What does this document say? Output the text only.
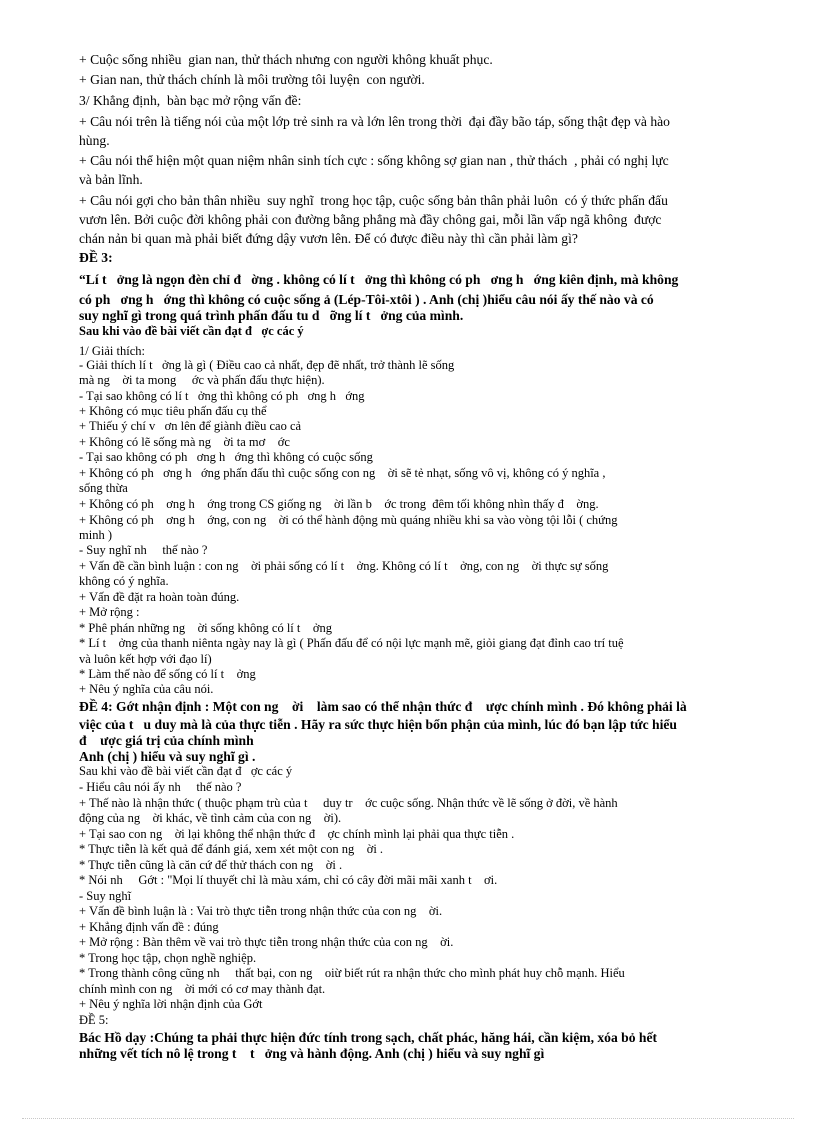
+ Cuộc sống nhiều  gian nan, thử thách nhưng con người không khuất phục.
+ Gian nan, thử thách chính là môi trường tôi luyện  con người.
3/ Khẳng định,  bàn bạc mở rộng vấn đề:
+ Câu nói trên là tiếng nói của một lớp trẻ sinh ra và lớn lên trong thời  đại đầy bão táp, sống thật đẹp và hào
hùng.
+ Câu nói thể hiện một quan niệm nhân sinh tích cực : sống không sợ gian nan , thử thách  , phải có nghị lực
và bản lĩnh.
+ Câu nói gợi cho bản thân nhiều  suy nghĩ  trong học tập, cuộc sống bản thân phải luôn  có ý thức phấn đấu
vươn lên. Bởi cuộc đời không phải con đường bằng phẳng mà đầy chông gai, mỗi lần vấp ngã không  được
chán nản bi quan mà phải biết đứng dậy vươn lên. Để có được điều này thì cần phải làm gì?
ĐỀ 3:
“Lí t   ởng là ngọn đèn chỉ đ   ờng . không có lí t   ởng thì không có ph   ơng h   ớng kiên định, mà không
có ph   ơng h   ớng thì không có cuộc sống ả (Lép-Tôi-xtôi ) . Anh (chị )hiểu câu nói ấy thế nào và có
suy nghĩ gì trong quá trình phấn đấu tu d   ỡng lí t   ởng của mình.
Sau khi vào đề bài viết cần đạt đ   ợc các ý
1/ Giải thích:
- Giải thích lí t   ởng là gì ( Điều cao cả nhất, đẹp đẽ nhất, trở thành lẽ sống
mà ng    ời ta mong     ớc và phấn đấu thực hiện).
- Tại sao không có lí t   ởng thì không có ph   ơng h   ớng
+ Không có mục tiêu phấn đấu cụ thể
+ Thiếu ý chí v   ơn lên để giành điều cao cả
+ Không có lẽ sống mà ng    ời ta mơ    ớc
- Tại sao không có ph   ơng h   ớng thì không có cuộc sống
+ Không có ph   ơng h   ớng phấn đấu thì cuộc sống con ng    ời sẽ tẻ nhạt, sống vô vị, không có ý nghĩa ,
sống thừa
+ Không có ph    ơng h    ớng trong CS giống ng    ời lần b    ớc trong  đêm tối không nhìn thấy đ    ờng.
+ Không có ph    ơng h    ớng, con ng    ời có thể hành động mù quáng nhiều khi sa vào vòng tội lỗi ( chứng
minh )
- Suy nghĩ nh     thế nào ?
+ Vấn đề cần bình luận : con ng    ời phải sống có lí t    ởng. Không có lí t    ởng, con ng    ời thực sự sống
không có ý nghĩa.
+ Vấn đề đặt ra hoàn toàn đúng.
+ Mở rộng :
* Phê phán những ng    ời sống không có lí t    ởng
* Lí t    ởng của thanh niênta ngày nay là gì ( Phấn đấu để có nội lực mạnh mẽ, giỏi giang đạt đỉnh cao trí tuệ
và luôn kết hợp với đạo lí)
* Làm thế nào để sống có lí t    ởng
+ Nêu ý nghĩa của câu nói.
ĐỀ 4: Gớt nhận định : Một con ng    ời    làm sao có thể nhận thức đ    ược chính mình . Đó không phải là
việc của t   u duy mà là của thực tiễn . Hãy ra sức thực hiện bổn phận của mình, lúc đó bạn lập tức hiểu
đ    ược giá trị của chính mình
Anh (chị ) hiểu và suy nghĩ gì .
Sau khi vào đề bài viết cần đạt đ   ợc các ý
- Hiểu câu nói ấy nh     thế nào ?
+ Thế nào là nhận thức ( thuộc phạm trù của t     duy tr    ớc cuộc sống. Nhận thức về lẽ sống ở đời, về hành
động của ng    ời khác, về tình cảm của con ng    ời).
+ Tại sao con ng    ời lại không thể nhận thức đ    ợc chính mình lại phải qua thực tiễn .
* Thực tiễn là kết quả để đánh giá, xem xét một con ng    ời .
* Thực tiễn cũng là căn cứ để thử thách con ng    ời .
* Nói nh     Gớt : "Mọi lí thuyết chỉ là màu xám, chỉ có cây đời mãi mãi xanh t    ơi.
- Suy nghĩ
+ Vấn đề bình luận là : Vai trò thực tiễn trong nhận thức của con ng    ời.
+ Khẳng định vấn đề : đúng
+ Mở rộng : Bàn thêm về vai trò thực tiễn trong nhận thức của con ng    ời.
* Trong học tập, chọn nghề nghiệp.
* Trong thành công cũng nh     thất bại, con ng    oiừ biết rút ra nhận thức cho mình phát huy chỗ mạnh. Hiểu
chính mình con ng    ời mới có cơ may thành đạt.
+ Nêu ý nghĩa lời nhận định của Gớt
ĐỀ 5:
Bác Hồ dạy :Chúng ta phải thực hiện đức tính trong sạch, chất phác, hăng hái, cần kiệm, xóa bỏ hết
những vết tích nô lệ trong t    t   ởng và hành động. Anh (chị ) hiểu và suy nghĩ gì
